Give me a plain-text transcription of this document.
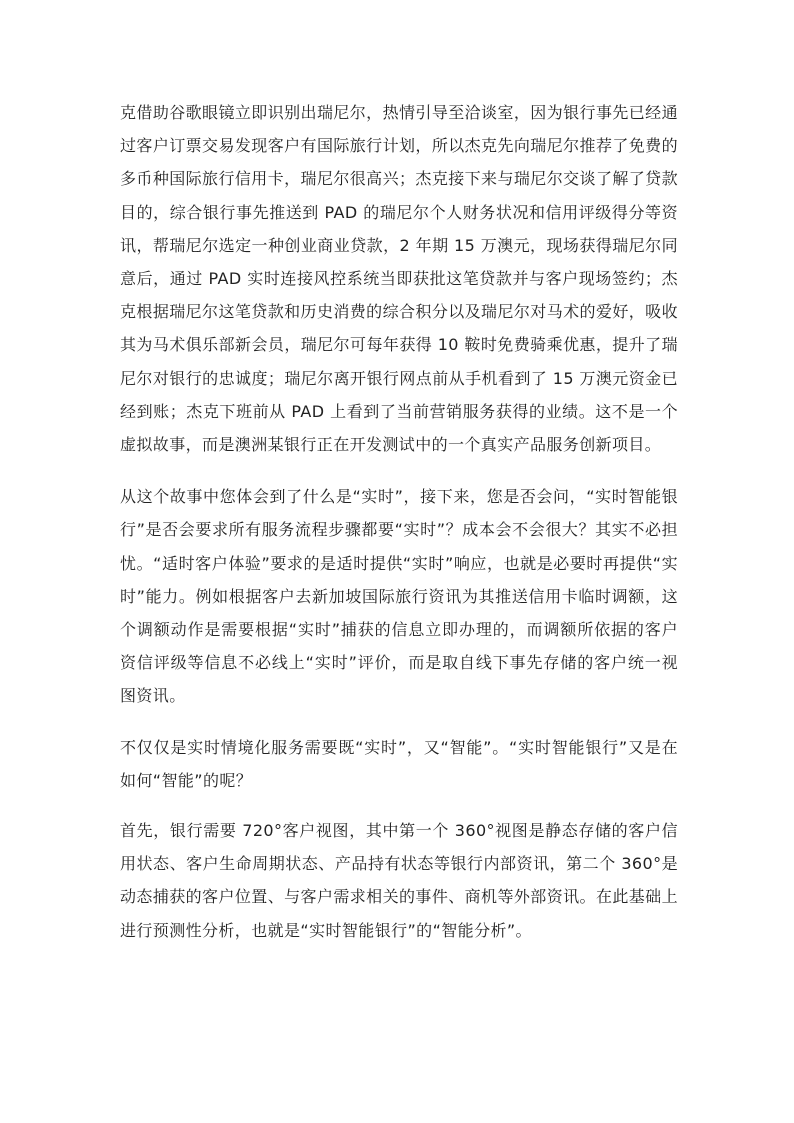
克借助谷歌眼镜立即识别出瑞尼尔，热情引导至洽谈室，因为银行事先已经通过客户订票交易发现客户有国际旅行计划，所以杰克先向瑞尼尔推荐了免费的多币种国际旅行信用卡，瑞尼尔很高兴；杰克接下来与瑞尼尔交谈了解了贷款目的，综合银行事先推送到 PAD 的瑞尼尔个人财务状况和信用评级得分等资讯，帮瑞尼尔选定一种创业商业贷款，2 年期 15 万澳元，现场获得瑞尼尔同意后，通过 PAD 实时连接风控系统当即获批这笔贷款并与客户现场签约；杰克根据瑞尼尔这笔贷款和历史消费的综合积分以及瑞尼尔对马术的爱好，吸收其为马术俱乐部新会员，瑞尼尔可每年获得 10 鞍时免费骑乘优惠，提升了瑞尼尔对银行的忠诚度；瑞尼尔离开银行网点前从手机看到了 15 万澳元资金已经到账；杰克下班前从 PAD 上看到了当前营销服务获得的业绩。这不是一个虚拟故事，而是澳洲某银行正在开发测试中的一个真实产品服务创新项目。

从这个故事中您体会到了什么是“实时”，接下来，您是否会问，“实时智能银行”是否会要求所有服务流程步骤都要“实时”？成本会不会很大？其实不必担忧。“适时客户体验”要求的是适时提供“实时”响应，也就是必要时再提供“实时”能力。例如根据客户去新加坡国际旅行资讯为其推送信用卡临时调额，这个调额动作是需要根据“实时”捕获的信息立即办理的，而调额所依据的客户资信评级等信息不必线上“实时”评价，而是取自线下事先存储的客户统一视图资讯。

不仅仅是实时情境化服务需要既“实时”，又“智能”。“实时智能银行”又是在如何“智能”的呢？

首先，银行需要 720°客户视图，其中第一个 360°视图是静态存储的客户信用状态、客户生命周期状态、产品持有状态等银行内部资讯，第二个 360°是动态捕获的客户位置、与客户需求相关的事件、商机等外部资讯。在此基础上进行预测性分析，也就是“实时智能银行”的“智能分析”。
